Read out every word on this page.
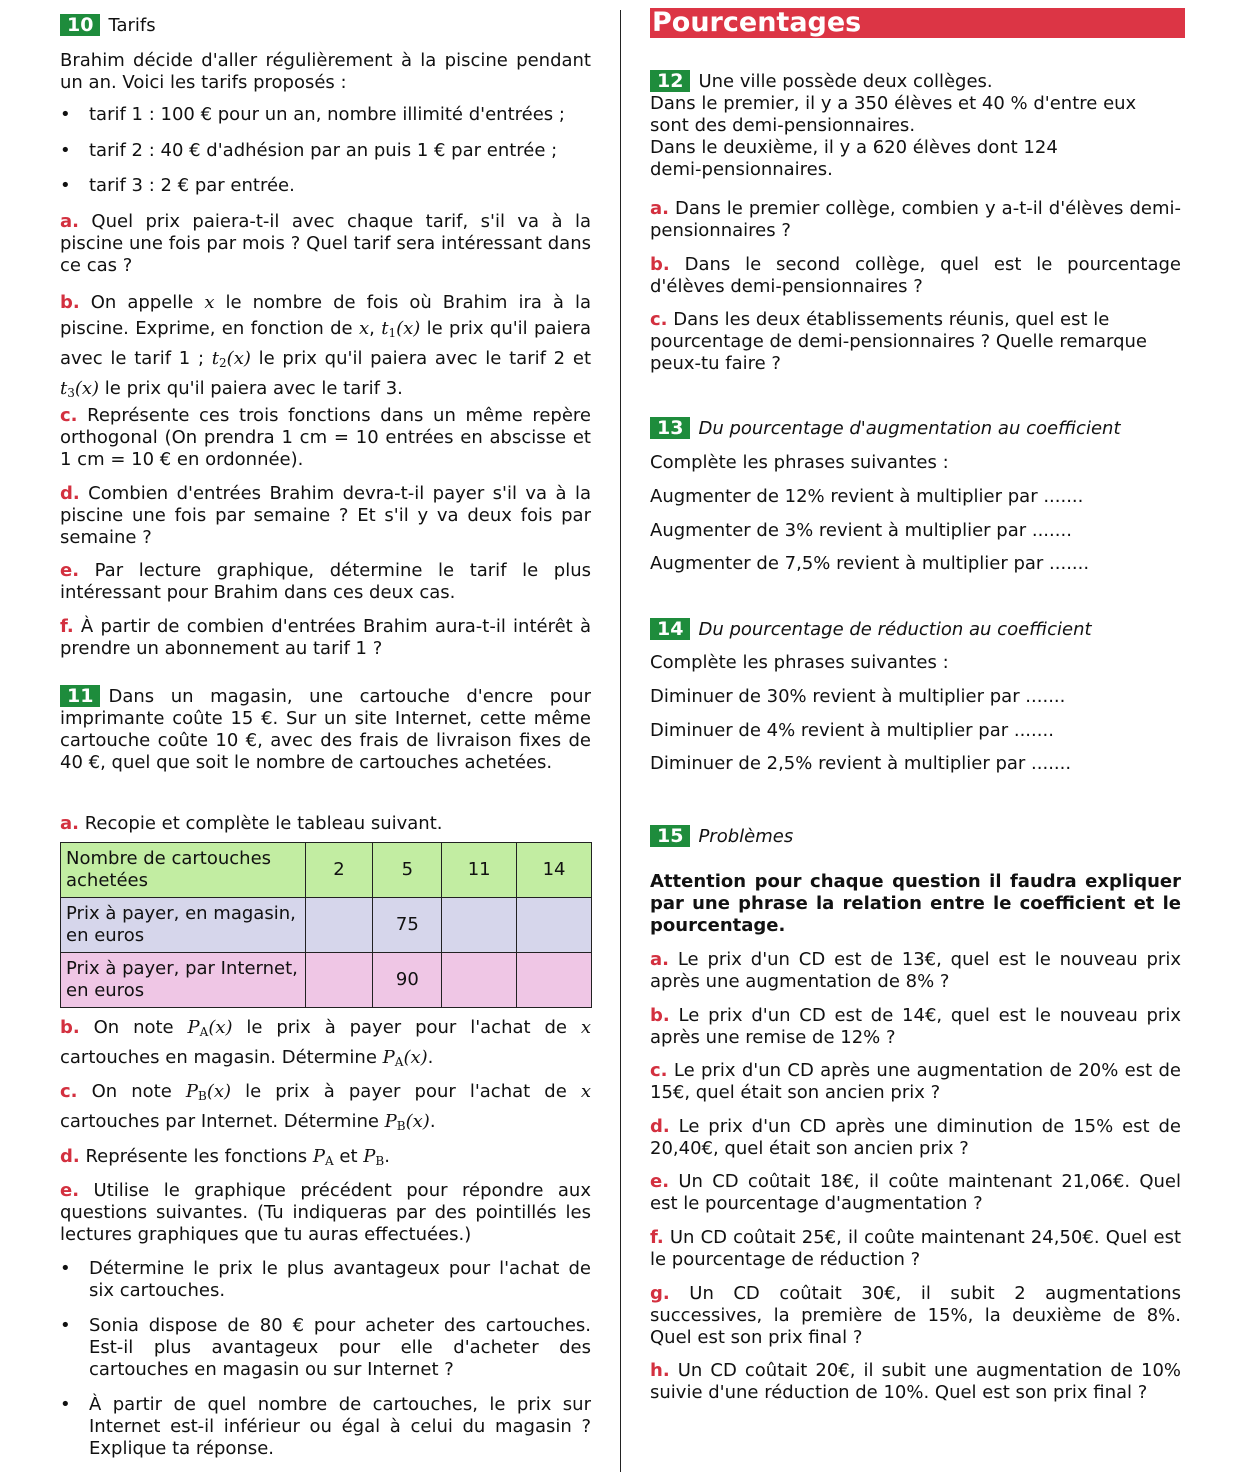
10 Tarifs

Brahim décide d'aller régulièrement à la piscine pendant un an. Voici les tarifs proposés :

• tarif 1 : 100 € pour un an, nombre illimité d'entrées ;
• tarif 2 : 40 € d'adhésion par an puis 1 € par entrée ;
• tarif 3 : 2 € par entrée.

a. Quel prix paiera-t-il avec chaque tarif, s'il va à la piscine une fois par mois ? Quel tarif sera intéressant dans ce cas ?

b. On appelle x le nombre de fois où Brahim ira à la piscine. Exprime, en fonction de x, $t_1(x)$ le prix qu'il paiera avec le tarif 1 ; $t_2(x)$ le prix qu'il paiera avec le tarif 2 et $t_3(x)$ le prix qu'il paiera avec le tarif 3.

c. Représente ces trois fonctions dans un même repère orthogonal (On prendra 1 cm = 10 entrées en abscisse et 1 cm = 10 € en ordonnée).

d. Combien d'entrées Brahim devra-t-il payer s'il va à la piscine une fois par semaine ? Et s'il y va deux fois par semaine ?

e. Par lecture graphique, détermine le tarif le plus intéressant pour Brahim dans ces deux cas.

f. À partir de combien d'entrées Brahim aura-t-il intérêt à prendre un abonnement au tarif 1 ?

11 Dans un magasin, une cartouche d'encre pour imprimante coûte 15 €. Sur un site Internet, cette même cartouche coûte 10 €, avec des frais de livraison fixes de 40 €, quel que soit le nombre de cartouches achetées.

a. Recopie et complète le tableau suivant.

Nombre de cartouches achetées	2	5	11	14
Prix à payer, en magasin, en euros		75		
Prix à payer, par Internet, en euros		90		

b. On note $P_A(x)$ le prix à payer pour l'achat de x cartouches en magasin. Détermine $P_A(x)$.

c. On note $P_B(x)$ le prix à payer pour l'achat de x cartouches par Internet. Détermine $P_B(x)$.

d. Représente les fonctions $P_A$ et $P_B$.

e. Utilise le graphique précédent pour répondre aux questions suivantes. (Tu indiqueras par des pointillés les lectures graphiques que tu auras effectuées.)

• Détermine le prix le plus avantageux pour l'achat de six cartouches.
• Sonia dispose de 80 € pour acheter des cartouches. Est-il plus avantageux pour elle d'acheter des cartouches en magasin ou sur Internet ?
• À partir de quel nombre de cartouches, le prix sur Internet est-il inférieur ou égal à celui du magasin ? Explique ta réponse.
Pourcentages
12 Une ville possède deux collèges.
Dans le premier, il y a 350 élèves et 40 % d'entre eux sont des demi-pensionnaires.
Dans le deuxième, il y a 620 élèves dont 124 demi-pensionnaires.

a. Dans le premier collège, combien y a-t-il d'élèves demi-pensionnaires ?

b. Dans le second collège, quel est le pourcentage d'élèves demi-pensionnaires ?

c. Dans les deux établissements réunis, quel est le pourcentage de demi-pensionnaires ? Quelle remarque peux-tu faire ?

13 Du pourcentage d'augmentation au coefficient
Complète les phrases suivantes :
Augmenter de 12% revient à multiplier par .......
Augmenter de 3% revient à multiplier par .......
Augmenter de 7,5% revient à multiplier par .......
14 Du pourcentage de réduction au coefficient
Complète les phrases suivantes :
Diminuer de 30% revient à multiplier par .......
Diminuer de 4% revient à multiplier par .......
Diminuer de 2,5% revient à multiplier par .......
15 Problèmes

Attention pour chaque question il faudra expliquer par une phrase la relation entre le coefficient et le pourcentage.

a. Le prix d'un CD est de 13€, quel est le nouveau prix après une augmentation de 8% ?

b. Le prix d'un CD est de 14€, quel est le nouveau prix après une remise de 12% ?

c. Le prix d'un CD après une augmentation de 20% est de 15€, quel était son ancien prix ?

d. Le prix d'un CD après une diminution de 15% est de 20,40€, quel était son ancien prix ?

e. Un CD coûtait 18€, il coûte maintenant 21,06€. Quel est le pourcentage d'augmentation ?

f. Un CD coûtait 25€, il coûte maintenant 24,50€. Quel est le pourcentage de réduction ?

g. Un CD coûtait 30€, il subit 2 augmentations successives, la première de 15%, la deuxième de 8%. Quel est son prix final ?

h. Un CD coûtait 20€, il subit une augmentation de 10% suivie d'une réduction de 10%. Quel est son prix final ?
